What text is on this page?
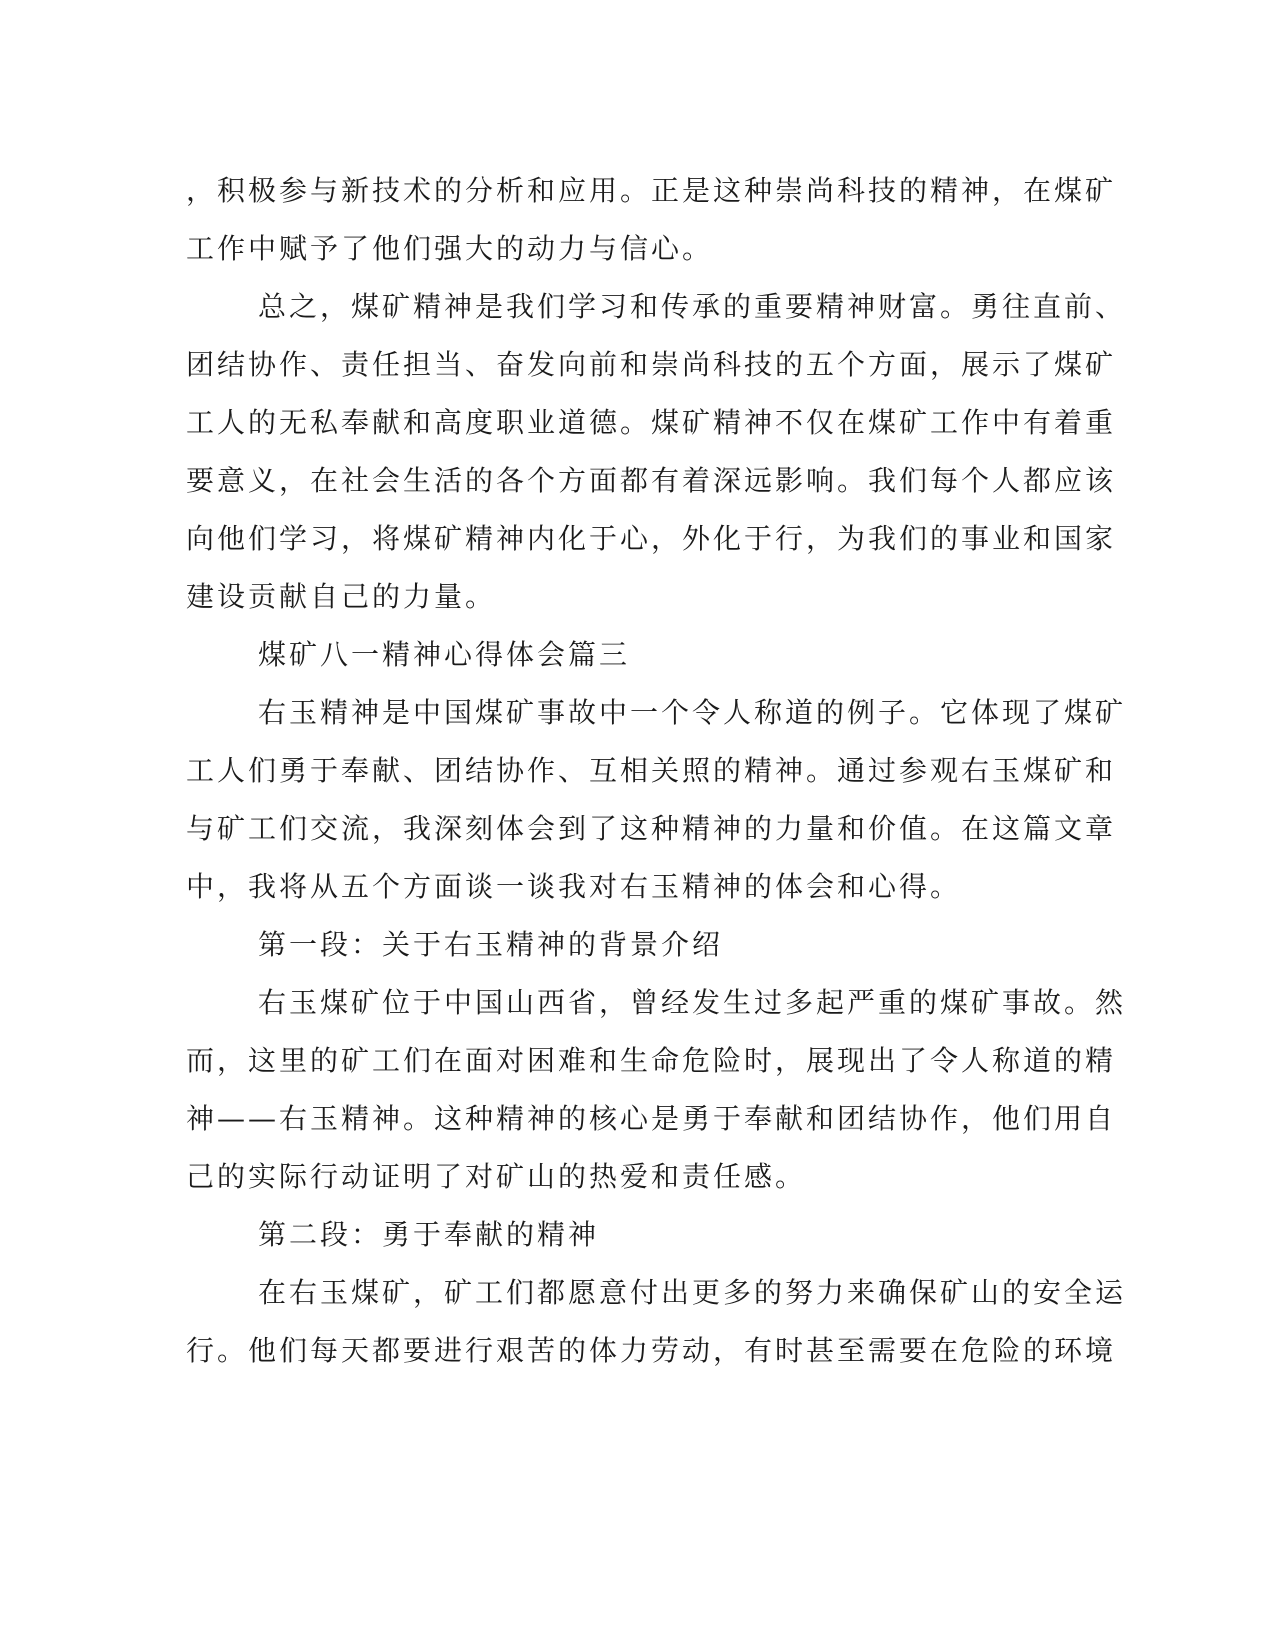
，积极参与新技术的分析和应用。正是这种崇尚科技的精神，在煤矿
工作中赋予了他们强大的动力与信心。
总之，煤矿精神是我们学习和传承的重要精神财富。勇往直前、
团结协作、责任担当、奋发向前和崇尚科技的五个方面，展示了煤矿
工人的无私奉献和高度职业道德。煤矿精神不仅在煤矿工作中有着重
要意义，在社会生活的各个方面都有着深远影响。我们每个人都应该
向他们学习，将煤矿精神内化于心，外化于行，为我们的事业和国家
建设贡献自己的力量。
煤矿八一精神心得体会篇三
右玉精神是中国煤矿事故中一个令人称道的例子。它体现了煤矿
工人们勇于奉献、团结协作、互相关照的精神。通过参观右玉煤矿和
与矿工们交流，我深刻体会到了这种精神的力量和价值。在这篇文章
中，我将从五个方面谈一谈我对右玉精神的体会和心得。
第一段：关于右玉精神的背景介绍
右玉煤矿位于中国山西省，曾经发生过多起严重的煤矿事故。然
而，这里的矿工们在面对困难和生命危险时，展现出了令人称道的精
神——右玉精神。这种精神的核心是勇于奉献和团结协作，他们用自
己的实际行动证明了对矿山的热爱和责任感。
第二段：勇于奉献的精神
在右玉煤矿，矿工们都愿意付出更多的努力来确保矿山的安全运
行。他们每天都要进行艰苦的体力劳动，有时甚至需要在危险的环境
